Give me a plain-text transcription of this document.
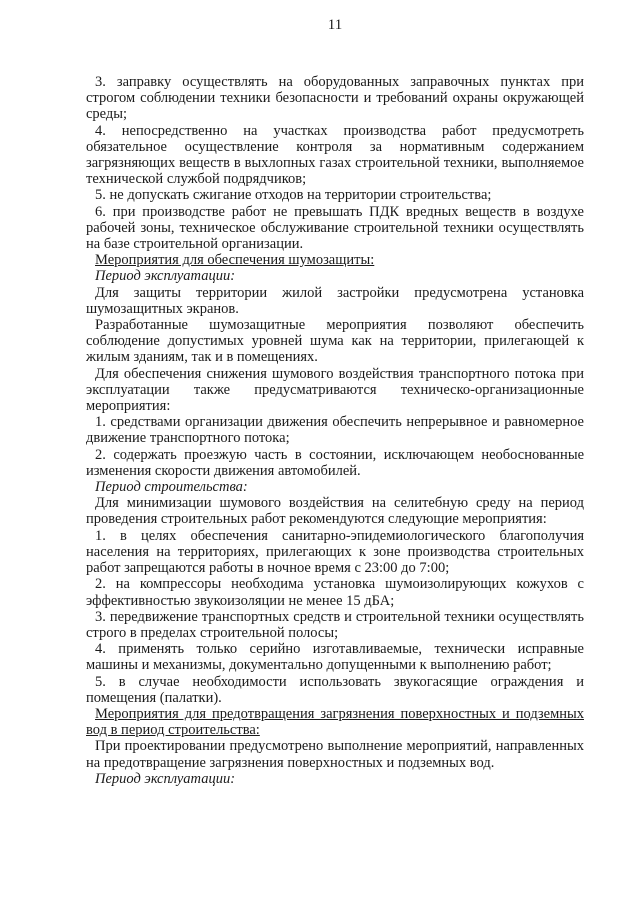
11

3. заправку осуществлять на оборудованных заправочных пунктах при строгом соблюдении техники безопасности и требований охраны окружающей среды;

4. непосредственно на участках производства работ предусмотреть обязательное осуществление контроля за нормативным содержанием загрязняющих веществ в выхлопных газах строительной техники, выполняемое технической службой подрядчиков;

5. не допускать сжигание отходов на территории строительства;

6. при производстве работ не превышать ПДК вредных веществ в воздухе рабочей зоны, техническое обслуживание строительной техники осуществлять на базе строительной организации.

Мероприятия для обеспечения шумозащиты:

Период эксплуатации:

Для защиты территории жилой застройки предусмотрена установка шумозащитных экранов.

Разработанные шумозащитные мероприятия позволяют обеспечить соблюдение допустимых уровней шума как на территории, прилегающей к жилым зданиям, так и в помещениях.

Для обеспечения снижения шумового воздействия транспортного потока при эксплуатации также предусматриваются техническо-организационные мероприятия:

1. средствами организации движения обеспечить непрерывное и равномерное движение транспортного потока;

2. содержать проезжую часть в состоянии, исключающем необоснованные изменения скорости движения автомобилей.

Период строительства:

Для минимизации шумового воздействия на селитебную среду на период проведения строительных работ рекомендуются следующие мероприятия:

1. в целях обеспечения санитарно-эпидемиологического благополучия населения на территориях, прилегающих к зоне производства строительных работ запрещаются работы в ночное время с 23:00 до 7:00;

2. на компрессоры необходима установка шумоизолирующих кожухов с эффективностью звукоизоляции не менее 15 дБА;

3. передвижение транспортных средств и строительной техники осуществлять строго в пределах строительной полосы;

4. применять только серийно изготавливаемые, технически исправные машины и механизмы, документально допущенными к выполнению работ;

5. в случае необходимости использовать звукогасящие ограждения и помещения (палатки).

Мероприятия для предотвращения загрязнения поверхностных и подземных вод в период строительства:

При проектировании предусмотрено выполнение мероприятий, направленных на предотвращение загрязнения поверхностных и подземных вод.

Период эксплуатации:
